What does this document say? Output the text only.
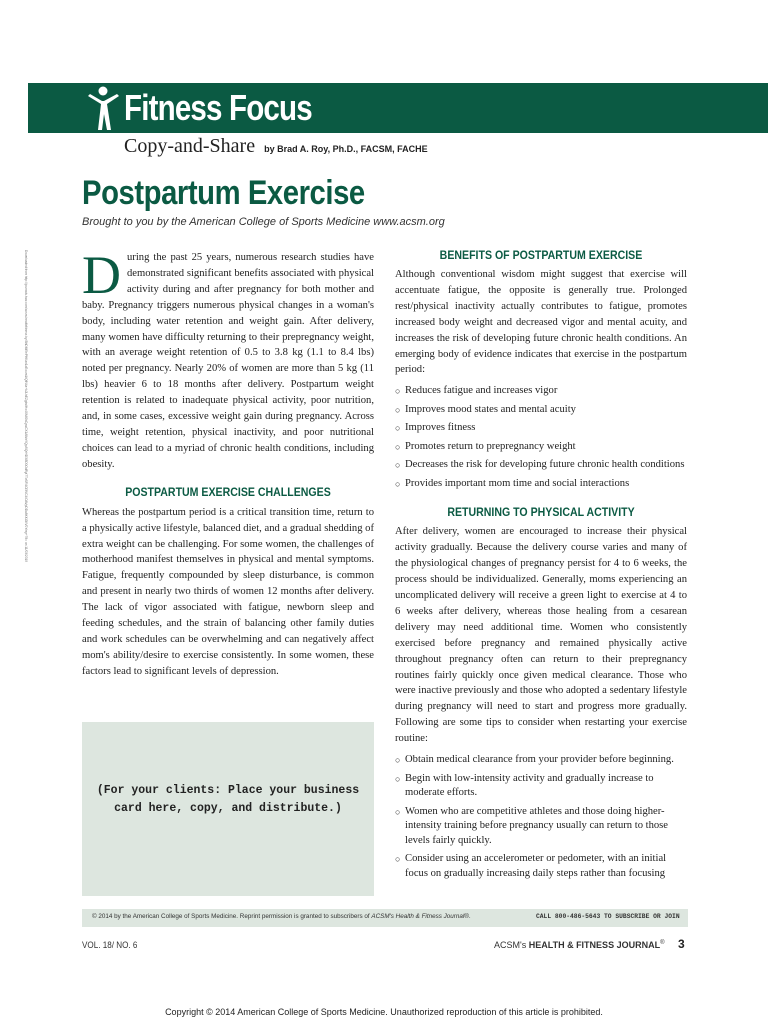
Fitness Focus
Copy-and-Share by Brad A. Roy, Ph.D., FACSM, FACHE
Postpartum Exercise
Brought to you by the American College of Sports Medicine www.acsm.org
Downloaded from http://journals.lww.com/acsm-healthfitness by BhDMf5ePHKav1zEoum1tQfN4a+kJLhEZgbsIHo4XMi0hCywCX1AWnYQp/IlQrHD3i3D0OdRyi7TvSFl4Cf3VC4/OAVpDDa8KKGKV0Ymy+78= on 11/03/2019 During the past 25 years, numerous research studies have demonstrated significant benefits associated with physical activity during and after pregnancy for both mother and baby. Pregnancy triggers numerous physical changes in a woman's body, including water retention and weight gain. After delivery, many women have difficulty returning to their prepregnancy weight, with an average weight retention of 0.5 to 3.8 kg (1.1 to 8.4 lbs) noted per pregnancy. Nearly 20% of women are more than 5 kg (11 lbs) heavier 6 to 18 months after delivery. Postpartum weight retention is related to inadequate physical activity, poor nutrition, and, in some cases, excessive weight gain during pregnancy. Across time, weight retention, physical inactivity, and poor nutritional choices can lead to a myriad of chronic health conditions, including obesity.

POSTPARTUM EXERCISE CHALLENGES

Whereas the postpartum period is a critical transition time, return to a physically active lifestyle, balanced diet, and a gradual shedding of extra weight can be challenging. For some women, the challenges of motherhood manifest themselves in physical and mental symptoms. Fatigue, frequently compounded by sleep disturbance, is common and present in nearly two thirds of women 12 months after delivery. The lack of vigor associated with fatigue, newborn sleep and feeding schedules, and the strain of balancing other family duties and work schedules can be overwhelming and can negatively affect mom's ability/desire to exercise consistently. In some women, these factors lead to significant levels of depression.

(For your clients: Place your business card here, copy, and distribute.)
BENEFITS OF POSTPARTUM EXERCISE

Although conventional wisdom might suggest that exercise will accentuate fatigue, the opposite is generally true. Prolonged rest/physical inactivity actually contributes to fatigue, promotes increased body weight and decreased vigor and mental acuity, and increases the risk of developing future chronic health conditions. An emerging body of evidence indicates that exercise in the postpartum period:

○ Reduces fatigue and increases vigor
○ Improves mood states and mental acuity
○ Improves fitness
○ Promotes return to prepregnancy weight
○ Decreases the risk for developing future chronic health conditions
○ Provides important mom time and social interactions
RETURNING TO PHYSICAL ACTIVITY

After delivery, women are encouraged to increase their physical activity gradually. Because the delivery course varies and many of the physiological changes of pregnancy persist for 4 to 6 weeks, the process should be individualized. Generally, moms experiencing an uncomplicated delivery will receive a green light to exercise at 4 to 6 weeks after delivery, whereas those healing from a cesarean delivery may need additional time. Women who consistently exercised before pregnancy and remained physically active throughout pregnancy often can return to their prepregnancy routines fairly quickly once given medical clearance. Those who were inactive previously and those who adopted a sedentary lifestyle during pregnancy will need to start and progress more gradually. Following are some tips to consider when restarting your exercise routine:

○ Obtain medical clearance from your provider before beginning.
○ Begin with low-intensity activity and gradually increase to moderate efforts.
○ Women who are competitive athletes and those doing higher-intensity training before pregnancy usually can return to those levels fairly quickly.
○ Consider using an accelerometer or pedometer, with an initial focus on gradually increasing daily steps rather than focusing
© 2014 by the American College of Sports Medicine. Reprint permission is granted to subscribers of ACSM's Health & Fitness Journal®.	CALL 800-486-5643 TO SUBSCRIBE OR JOIN
VOL. 18/ NO. 6	ACSM's HEALTH & FITNESS JOURNAL® 3
Copyright © 2014 American College of Sports Medicine. Unauthorized reproduction of this article is prohibited.
